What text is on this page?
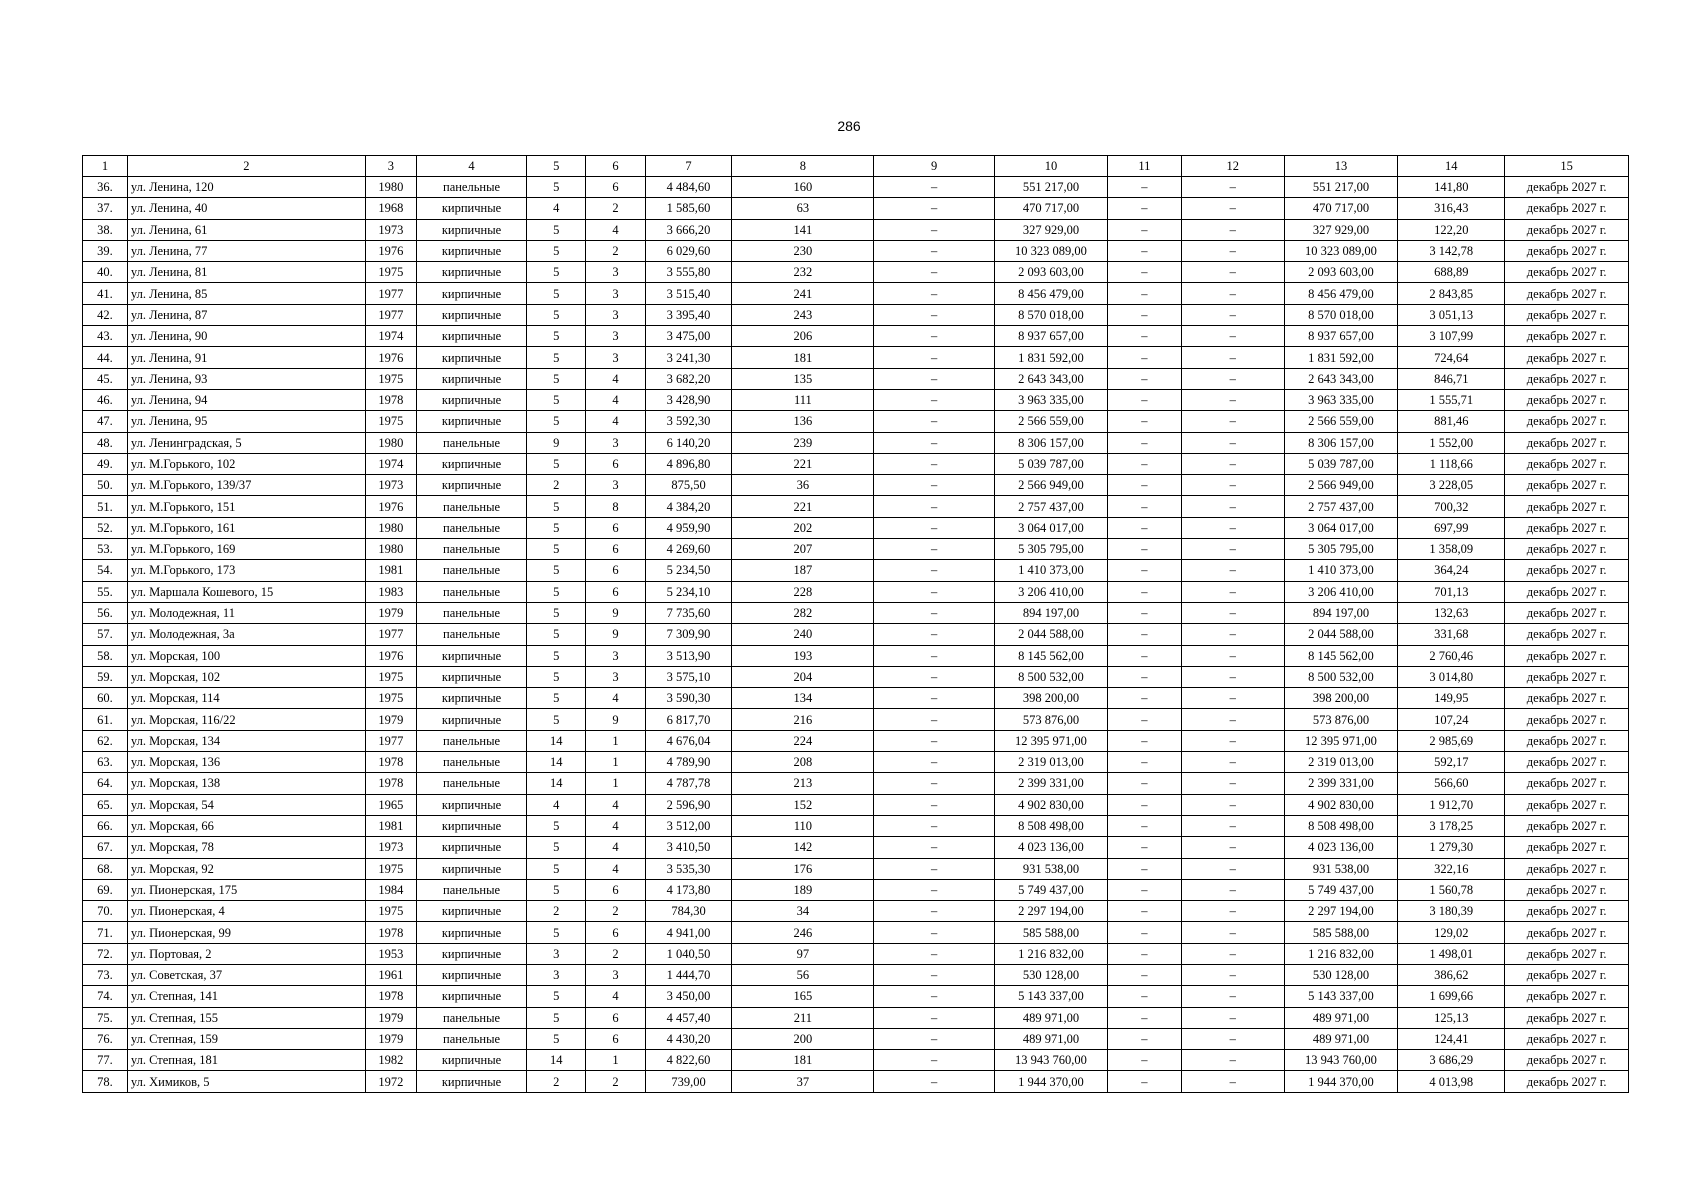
286
1	2	3	4	5	6	7	8	9	10	11	12	13	14	15
36.	ул. Ленина, 120	1980	панельные	5	6	4 484,60	160	–	551 217,00	–	–	551 217,00	141,80	декабрь 2027 г.
37.	ул. Ленина, 40	1968	кирпичные	4	2	1 585,60	63	–	470 717,00	–	–	470 717,00	316,43	декабрь 2027 г.
38.	ул. Ленина, 61	1973	кирпичные	5	4	3 666,20	141	–	327 929,00	–	–	327 929,00	122,20	декабрь 2027 г.
39.	ул. Ленина, 77	1976	кирпичные	5	2	6 029,60	230	–	10 323 089,00	–	–	10 323 089,00	3 142,78	декабрь 2027 г.
40.	ул. Ленина, 81	1975	кирпичные	5	3	3 555,80	232	–	2 093 603,00	–	–	2 093 603,00	688,89	декабрь 2027 г.
41.	ул. Ленина, 85	1977	кирпичные	5	3	3 515,40	241	–	8 456 479,00	–	–	8 456 479,00	2 843,85	декабрь 2027 г.
42.	ул. Ленина, 87	1977	кирпичные	5	3	3 395,40	243	–	8 570 018,00	–	–	8 570 018,00	3 051,13	декабрь 2027 г.
43.	ул. Ленина, 90	1974	кирпичные	5	3	3 475,00	206	–	8 937 657,00	–	–	8 937 657,00	3 107,99	декабрь 2027 г.
44.	ул. Ленина, 91	1976	кирпичные	5	3	3 241,30	181	–	1 831 592,00	–	–	1 831 592,00	724,64	декабрь 2027 г.
45.	ул. Ленина, 93	1975	кирпичные	5	4	3 682,20	135	–	2 643 343,00	–	–	2 643 343,00	846,71	декабрь 2027 г.
46.	ул. Ленина, 94	1978	кирпичные	5	4	3 428,90	111	–	3 963 335,00	–	–	3 963 335,00	1 555,71	декабрь 2027 г.
47.	ул. Ленина, 95	1975	кирпичные	5	4	3 592,30	136	–	2 566 559,00	–	–	2 566 559,00	881,46	декабрь 2027 г.
48.	ул. Ленинградская, 5	1980	панельные	9	3	6 140,20	239	–	8 306 157,00	–	–	8 306 157,00	1 552,00	декабрь 2027 г.
49.	ул. М.Горького, 102	1974	кирпичные	5	6	4 896,80	221	–	5 039 787,00	–	–	5 039 787,00	1 118,66	декабрь 2027 г.
50.	ул. М.Горького, 139/37	1973	кирпичные	2	3	875,50	36	–	2 566 949,00	–	–	2 566 949,00	3 228,05	декабрь 2027 г.
51.	ул. М.Горького, 151	1976	панельные	5	8	4 384,20	221	–	2 757 437,00	–	–	2 757 437,00	700,32	декабрь 2027 г.
52.	ул. М.Горького, 161	1980	панельные	5	6	4 959,90	202	–	3 064 017,00	–	–	3 064 017,00	697,99	декабрь 2027 г.
53.	ул. М.Горького, 169	1980	панельные	5	6	4 269,60	207	–	5 305 795,00	–	–	5 305 795,00	1 358,09	декабрь 2027 г.
54.	ул. М.Горького, 173	1981	панельные	5	6	5 234,50	187	–	1 410 373,00	–	–	1 410 373,00	364,24	декабрь 2027 г.
55.	ул. Маршала Кошевого, 15	1983	панельные	5	6	5 234,10	228	–	3 206 410,00	–	–	3 206 410,00	701,13	декабрь 2027 г.
56.	ул. Молодежная, 11	1979	панельные	5	9	7 735,60	282	–	894 197,00	–	–	894 197,00	132,63	декабрь 2027 г.
57.	ул. Молодежная, 3а	1977	панельные	5	9	7 309,90	240	–	2 044 588,00	–	–	2 044 588,00	331,68	декабрь 2027 г.
58.	ул. Морская, 100	1976	кирпичные	5	3	3 513,90	193	–	8 145 562,00	–	–	8 145 562,00	2 760,46	декабрь 2027 г.
59.	ул. Морская, 102	1975	кирпичные	5	3	3 575,10	204	–	8 500 532,00	–	–	8 500 532,00	3 014,80	декабрь 2027 г.
60.	ул. Морская, 114	1975	кирпичные	5	4	3 590,30	134	–	398 200,00	–	–	398 200,00	149,95	декабрь 2027 г.
61.	ул. Морская, 116/22	1979	кирпичные	5	9	6 817,70	216	–	573 876,00	–	–	573 876,00	107,24	декабрь 2027 г.
62.	ул. Морская, 134	1977	панельные	14	1	4 676,04	224	–	12 395 971,00	–	–	12 395 971,00	2 985,69	декабрь 2027 г.
63.	ул. Морская, 136	1978	панельные	14	1	4 789,90	208	–	2 319 013,00	–	–	2 319 013,00	592,17	декабрь 2027 г.
64.	ул. Морская, 138	1978	панельные	14	1	4 787,78	213	–	2 399 331,00	–	–	2 399 331,00	566,60	декабрь 2027 г.
65.	ул. Морская, 54	1965	кирпичные	4	4	2 596,90	152	–	4 902 830,00	–	–	4 902 830,00	1 912,70	декабрь 2027 г.
66.	ул. Морская, 66	1981	кирпичные	5	4	3 512,00	110	–	8 508 498,00	–	–	8 508 498,00	3 178,25	декабрь 2027 г.
67.	ул. Морская, 78	1973	кирпичные	5	4	3 410,50	142	–	4 023 136,00	–	–	4 023 136,00	1 279,30	декабрь 2027 г.
68.	ул. Морская, 92	1975	кирпичные	5	4	3 535,30	176	–	931 538,00	–	–	931 538,00	322,16	декабрь 2027 г.
69.	ул. Пионерская, 175	1984	панельные	5	6	4 173,80	189	–	5 749 437,00	–	–	5 749 437,00	1 560,78	декабрь 2027 г.
70.	ул. Пионерская, 4	1975	кирпичные	2	2	784,30	34	–	2 297 194,00	–	–	2 297 194,00	3 180,39	декабрь 2027 г.
71.	ул. Пионерская, 99	1978	кирпичные	5	6	4 941,00	246	–	585 588,00	–	–	585 588,00	129,02	декабрь 2027 г.
72.	ул. Портовая, 2	1953	кирпичные	3	2	1 040,50	97	–	1 216 832,00	–	–	1 216 832,00	1 498,01	декабрь 2027 г.
73.	ул. Советская, 37	1961	кирпичные	3	3	1 444,70	56	–	530 128,00	–	–	530 128,00	386,62	декабрь 2027 г.
74.	ул. Степная, 141	1978	кирпичные	5	4	3 450,00	165	–	5 143 337,00	–	–	5 143 337,00	1 699,66	декабрь 2027 г.
75.	ул. Степная, 155	1979	панельные	5	6	4 457,40	211	–	489 971,00	–	–	489 971,00	125,13	декабрь 2027 г.
76.	ул. Степная, 159	1979	панельные	5	6	4 430,20	200	–	489 971,00	–	–	489 971,00	124,41	декабрь 2027 г.
77.	ул. Степная, 181	1982	кирпичные	14	1	4 822,60	181	–	13 943 760,00	–	–	13 943 760,00	3 686,29	декабрь 2027 г.
78.	ул. Химиков, 5	1972	кирпичные	2	2	739,00	37	–	1 944 370,00	–	–	1 944 370,00	4 013,98	декабрь 2027 г.
